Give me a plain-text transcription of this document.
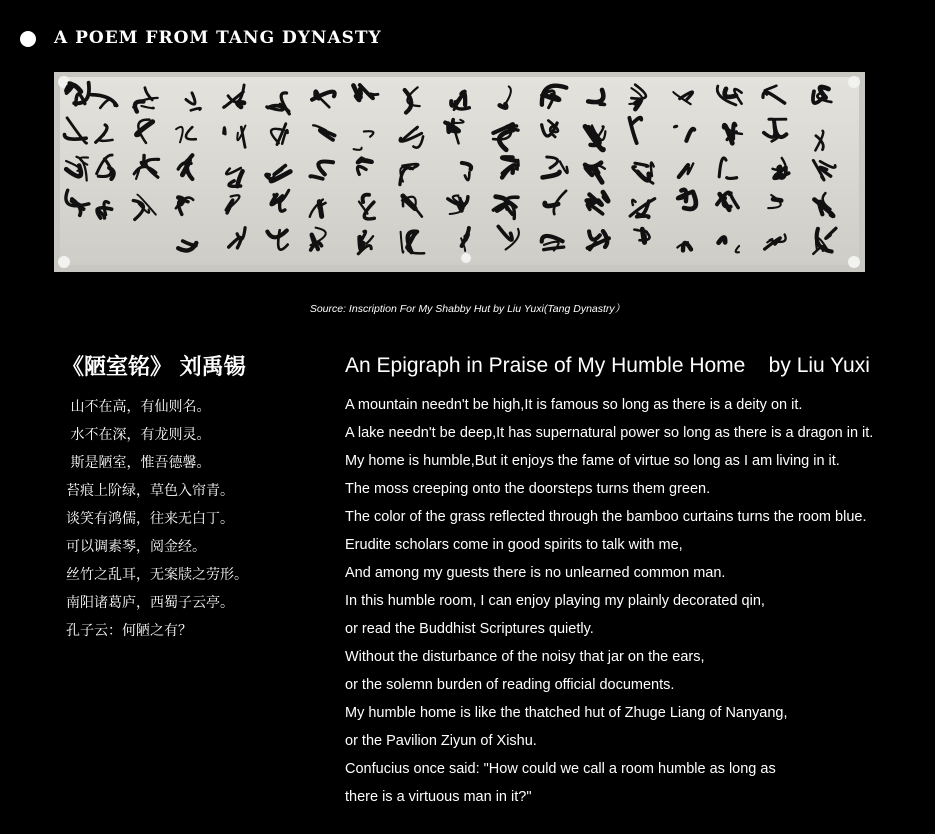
A POEM FROM TANG DYNASTY
Source: Inscription For My Shabby Hut by Liu Yuxi(Tang Dynastry）
《陋室铭》 刘禹锡	An Epigraph in Praise of My Humble Home    by Liu Yuxi
山不在高，有仙则名。
水不在深，有龙则灵。
斯是陋室，惟吾德馨。
苔痕上阶绿，草色入帘青。
谈笑有鸿儒，往来无白丁。
可以调素琴，阅金经。
丝竹之乱耳，无案牍之劳形。
南阳诸葛庐，西蜀子云亭。
孔子云：何陋之有？
A mountain needn't be high,It is famous so long as there is a deity on it.
A lake needn't be deep,It has supernatural power so long as there is a dragon in it.
My home is humble,But it enjoys the fame of virtue so long as I am living in it.
The moss creeping onto the doorsteps turns them green.
The color of the grass reflected through the bamboo curtains turns the room blue.
Erudite scholars come in good spirits to talk with me,
And among my guests there is no unlearned common man.
In this humble room, I can enjoy playing my plainly decorated qin,
or read the Buddhist Scriptures quietly.
Without the disturbance of the noisy that jar on the ears,
or the solemn burden of reading official documents.
My humble home is like the thatched hut of Zhuge Liang of Nanyang,
or the Pavilion Ziyun of Xishu.
Confucius once said: "How could we call a room humble as long as
there is a virtuous man in it?"
